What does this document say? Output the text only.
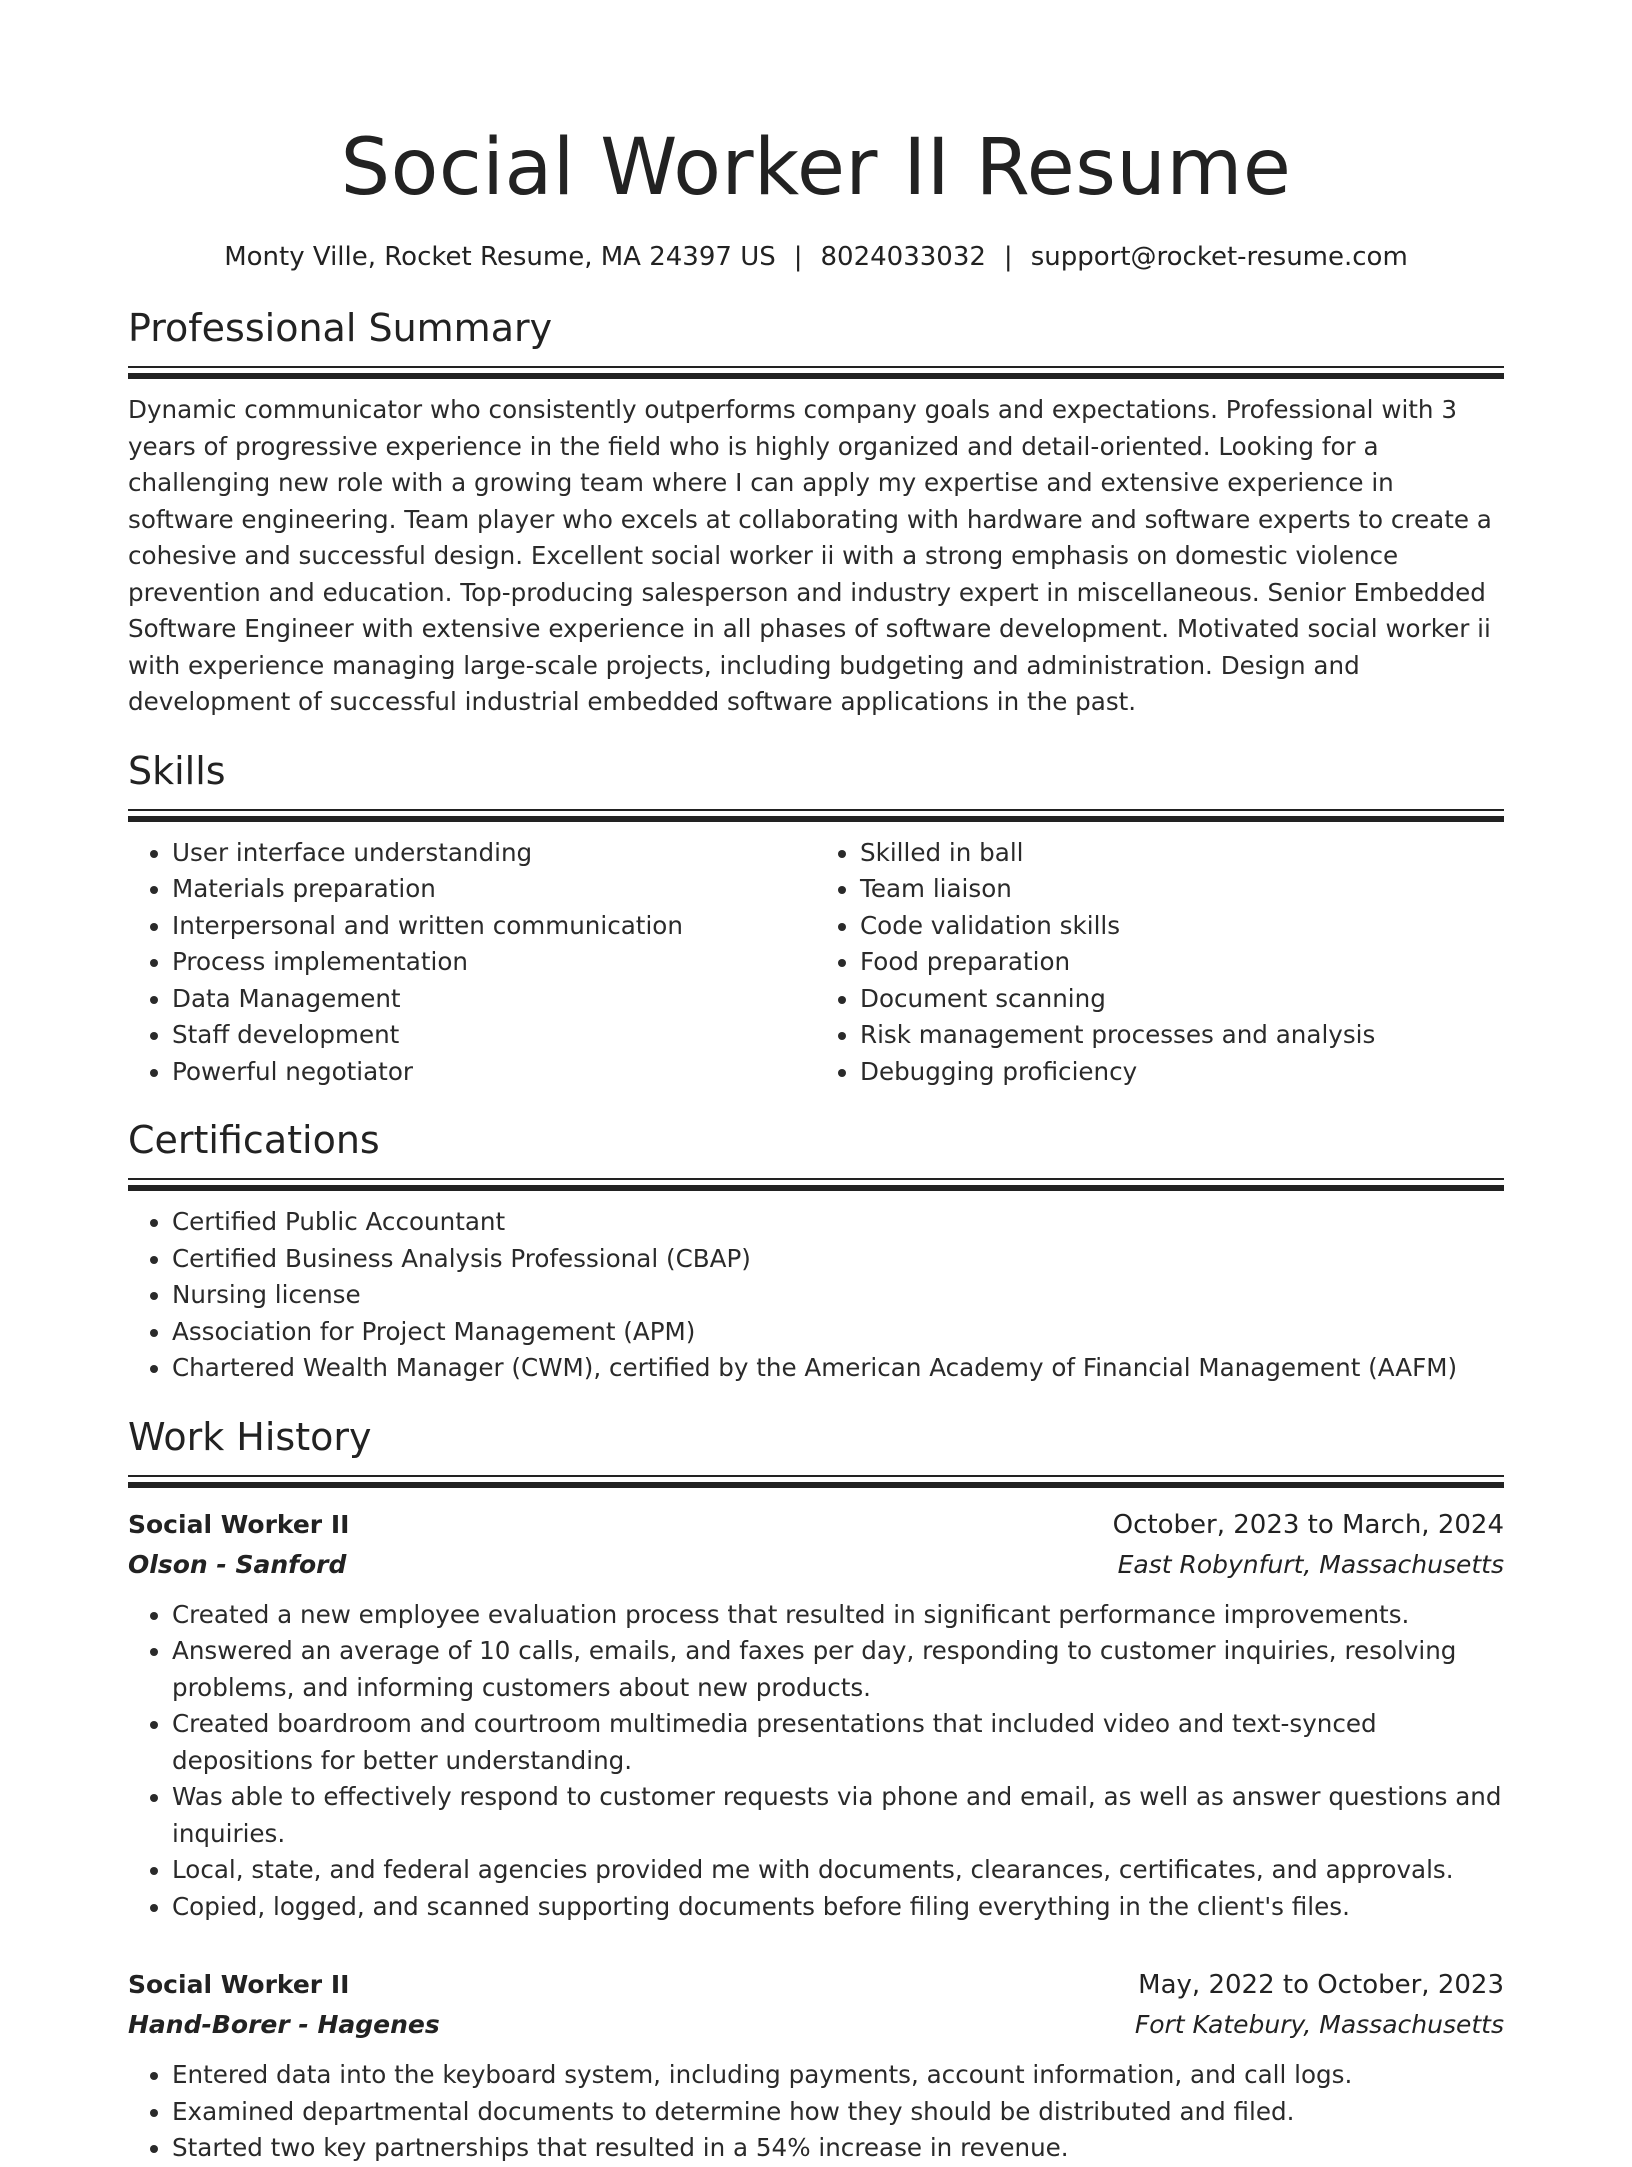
Social Worker II Resume
Monty Ville, Rocket Resume, MA 24397 US | 8024033032 | support@rocket-resume.com
Professional Summary

Dynamic communicator who consistently outperforms company goals and expectations. Professional with 3 years of progressive experience in the field who is highly organized and detail-oriented. Looking for a challenging new role with a growing team where I can apply my expertise and extensive experience in software engineering. Team player who excels at collaborating with hardware and software experts to create a cohesive and successful design. Excellent social worker ii with a strong emphasis on domestic violence prevention and education. Top-producing salesperson and industry expert in miscellaneous. Senior Embedded Software Engineer with extensive experience in all phases of software development. Motivated social worker ii with experience managing large-scale projects, including budgeting and administration. Design and development of successful industrial embedded software applications in the past.

Skills
• User interface understanding
• Materials preparation
• Interpersonal and written communication
• Process implementation
• Data Management
• Staff development
• Powerful negotiator
• Skilled in ball
• Team liaison
• Code validation skills
• Food preparation
• Document scanning
• Risk management processes and analysis
• Debugging proficiency
Certifications
• Certified Public Accountant
• Certified Business Analysis Professional (CBAP)
• Nursing license
• Association for Project Management (APM)
• Chartered Wealth Manager (CWM), certified by the American Academy of Financial Management (AAFM)
Work History
Social Worker II	October, 2023 to March, 2024
Olson - Sanford	East Robynfurt, Massachusetts
• Created a new employee evaluation process that resulted in significant performance improvements.
• Answered an average of 10 calls, emails, and faxes per day, responding to customer inquiries, resolving problems, and informing customers about new products.
• Created boardroom and courtroom multimedia presentations that included video and text-synced depositions for better understanding.
• Was able to effectively respond to customer requests via phone and email, as well as answer questions and inquiries.
• Local, state, and federal agencies provided me with documents, clearances, certificates, and approvals.
• Copied, logged, and scanned supporting documents before filing everything in the client's files.
Social Worker II	May, 2022 to October, 2023
Hand-Borer - Hagenes	Fort Katebury, Massachusetts
• Entered data into the keyboard system, including payments, account information, and call logs.
• Examined departmental documents to determine how they should be distributed and filed.
• Started two key partnerships that resulted in a 54% increase in revenue.
